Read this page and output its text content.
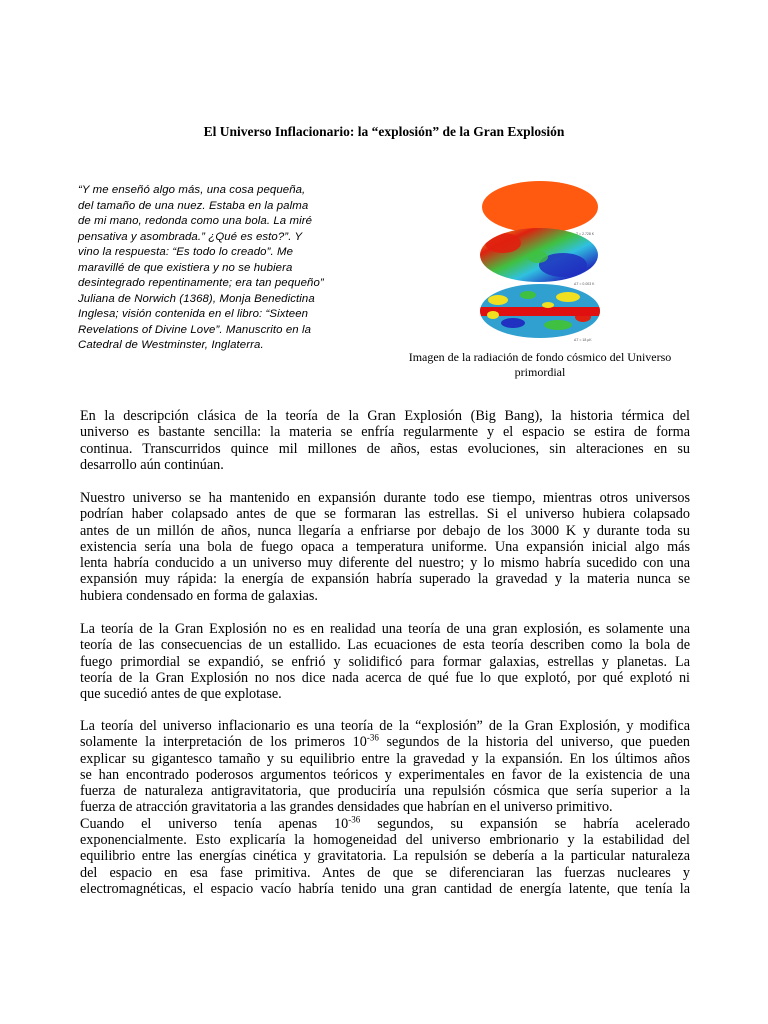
El Universo Inflacionario: la “explosión” de la Gran Explosión
“Y me enseñó algo más, una cosa pequeña,
del tamaño de una nuez. Estaba en la palma
de mi mano, redonda como una bola. La miré
pensativa y asombrada.” ¿Qué es esto?”. Y
vino la respuesta: “Es todo lo creado”. Me
maravillé de que existiera y no se hubiera
desintegrado repentinamente; era tan pequeño”
Juliana de Norwich (1368), Monja Benedictina
Inglesa; visión contenida en el libro: “Sixteen
Revelations of Divine Love”. Manuscrito en la
Catedral de Westminster, Inglaterra.
T = 2.728 K
ΔT = 0.003 K
ΔT = 18 µK
Imagen de la radiación de fondo cósmico del Universo
primordial
En la descripción clásica de la teoría de la Gran Explosión (Big Bang), la historia térmica del
universo es bastante sencilla: la materia se enfría regularmente y el espacio se estira de forma
continua. Transcurridos quince mil millones de años, estas evoluciones, sin alteraciones en su
desarrollo aún continúan.
Nuestro universo se ha mantenido en expansión durante todo ese tiempo, mientras otros universos
podrían haber colapsado antes de que se formaran las estrellas. Si el universo hubiera colapsado
antes de un millón de años, nunca llegaría a enfriarse por debajo de los 3000 K y durante toda su
existencia sería una bola de fuego opaca a temperatura uniforme. Una expansión inicial algo más
lenta habría conducido a un universo muy diferente del nuestro; y lo mismo habría sucedido con una
expansión muy rápida: la energía de expansión habría superado la gravedad y la materia nunca se
hubiera condensado en forma de galaxias.
La teoría de la Gran Explosión no es en realidad una teoría de una gran explosión, es solamente una
teoría de las consecuencias de un estallido. Las ecuaciones de esta teoría describen como la bola de
fuego primordial se expandió, se enfrió y solidificó para formar galaxias, estrellas y planetas. La
teoría de la Gran Explosión no nos dice nada acerca de qué fue lo que explotó, por qué explotó ni
que sucedió antes de que explotase.
La teoría del universo inflacionario es una teoría de la “explosión” de la Gran Explosión, y modifica
solamente la interpretación de los primeros $10^{-36}$ segundos de la historia del universo, que pueden
explicar su gigantesco tamaño y su equilibrio entre la gravedad y la expansión. En los últimos años
se han encontrado poderosos argumentos teóricos y experimentales en favor de la existencia de una
fuerza de naturaleza antigravitatoria, que produciría una repulsión cósmica que sería superior a la
fuerza de atracción gravitatoria a las grandes densidades que habrían en el universo primitivo.
Cuando el universo tenía apenas $10^{-36}$ segundos, su expansión se habría acelerado
exponencialmente. Esto explicaría la homogeneidad del universo embrionario y la estabilidad del
equilibrio entre las energías cinética y gravitatoria. La repulsión se debería a la particular naturaleza
del espacio en esa fase primitiva. Antes de que se diferenciaran las fuerzas nucleares y
electromagnéticas, el espacio vacío habría tenido una gran cantidad de energía latente, que tenía la
